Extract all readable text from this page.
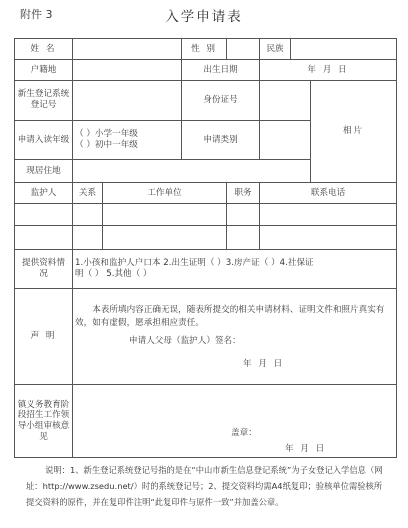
附件 3	入学申请表
姓 名			性 别		民族		
户籍地			出生日期		年 月 日		
新生登记系统登记号			身份证号				相片
申请入读年级	（ ）小学一年级
（ ）初中一年级		申请类别				
现居住地							
监护人	关系	工作单位		职务	联系电话		

提供资料情 况	1.小孩和监护人户口本 2.出生证明（ ）3.房产证（ ）4.社保证
明（ ） 5.其他（ ）						

声 明	本表所填内容正确无误，随表所提交的相关申请材料、证明文件和照片真实有效，如有虚假，愿承担相应责任。
申请人父母（监护人）签名：
年 月 日						

镇义务教育阶段招生工作领导小组审核意见	盖章：
年 月 日						
说明：1、新生登记系统登记号指的是在“中山市新生信息登记系统”为子女登记入学信息（网址：http://www.zsedu.net/）时的系统登记号；2、提交资料均需A4纸复印；验核单位需验核所提交资料的原件，并在复印件注明“此复印件与原件一致”并加盖公章。
